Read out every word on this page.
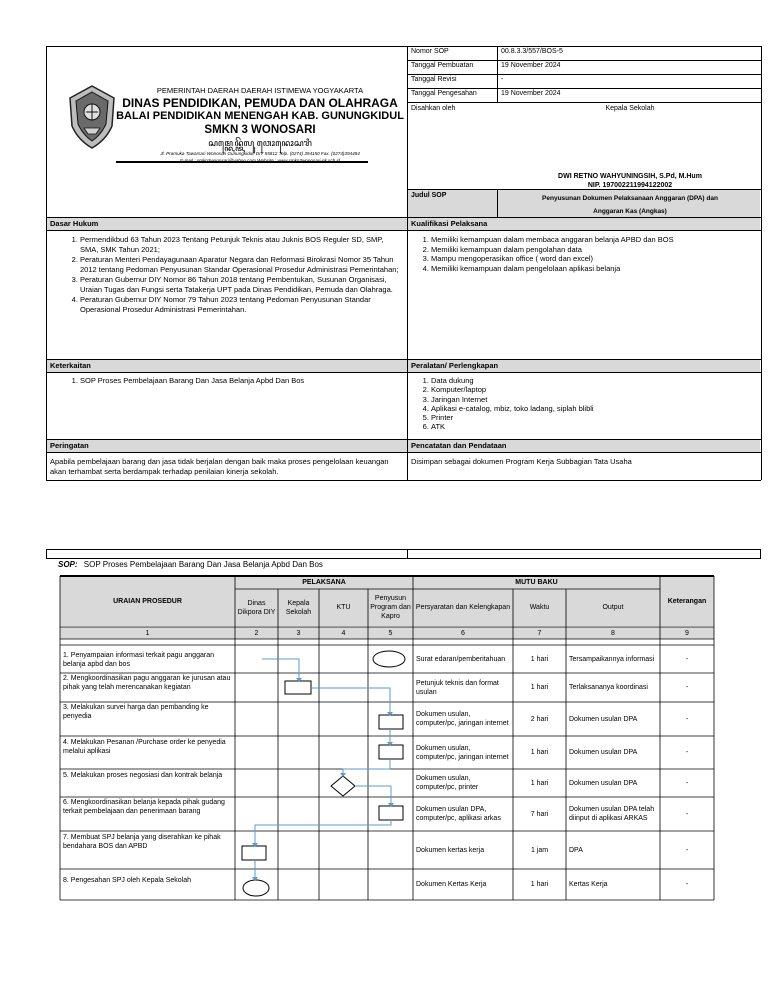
PEMERINTAH DAERAH DAERAH ISTIMEWA YOGYAKARTA
DINAS PENDIDIKAN, PEMUDA DAN OLAHRAGA
BALAI PENDIDIKAN MENENGAH KAB. GUNUNGKIDUL
SMKN 3 WONOSARI
ꦱꦩ꧀ꦏꦺꦤ꧀ꦠꦼꦭꦸ ꦮꦺꦴꦤꦺꦴꦱꦫꦶ
Jl. Pramuka Tawarsari Wonosari Gunungkidul, DIY 55812 Telp. (0274) 394150 Fax. (0274)394484
E-mail : smkn3wonosari@yahoo.com Website : www.smkn3wonosari-gk.sch.id
Nomor SOP	00.8.3.3/557/BOS-5
Tanggal Pembuatan	19 November 2024
Tanggal Revisi	-
Tanggal Pengesahan	19 November 2024
Disahkan oleh	Kepala Sekolah
DWI RETNO WAHYUNINGSIH, S.Pd, M.Hum
NIP. 197002211994122002
Judul SOP	Penyusunan Dokumen Pelaksanaan Anggaran (DPA) dan
Anggaran Kas (Angkas)
Dasar Hukum	Kualifikasi Pelaksana
Keterkaitan	Peralatan/ Perlengkapan
Peringatan	Pencatatan dan Pendataan
1. Permendikbud 63 Tahun 2023 Tentang Petunjuk Teknis atau Juknis BOS Reguler SD, SMP, SMA, SMK Tahun 2021;
2. Peraturan Menteri Pendayagunaan Aparatur Negara dan Reformasi Birokrasi Nomor 35 Tahun 2012 tentang Pedoman Penyusunan Standar Operasional Prosedur Administrasi Pemerintahan;
3. Peraturan Gubernur DIY Nomor 86 Tahun 2018 tentang Pembentukan, Susunan Organisasi, Uraian Tugas dan Fungsi serta Tatakerja UPT pada Dinas Pendidikan, Pemuda dan Olahraga.
4. Peraturan Gubernur DIY Nomor 79 Tahun 2023 tentang Pedoman Penyusunan Standar Operasional Prosedur Administrasi Pemerintahan.
1. Memiliki kemampuan dalam membaca anggaran belanja APBD dan BOS
2. Memiliki kemampuan dalam pengolahan data
3. Mampu mengoperasikan office ( word dan excel)
4. Memiliki kemampuan dalam pengelolaan aplikasi belanja
1. SOP Proses Pembelajaan Barang Dan Jasa Belanja Apbd Dan Bos
1.	Data dukung
2. Komputer/laptop
3. Jaringan Internet
4. Aplikasi e-catalog, mbiz, toko ladang, siplah blibli
5. Printer
6. ATK
Apabila pembelajaan barang dan jasa tidak berjalan dengan baik maka proses pengelolaan keuangan akan terhambat serta berdampak terhadap penilaian kinerja sekolah.
Disimpan sebagai dokumen Program Kerja Subbagian Tata Usaha
SOP: SOP Proses Pembelajaan Barang Dan Jasa Belanja Apbd Dan Bos
PELAKSANA	MUTU BAKU
URAIAN PROSEDUR	Dinas Dikpora DIY
Kepala Sekolah
KTU
Penyusun Program dan Kapro
Persyaratan dan Kelengkapan	Waktu	Output
Keterangan
1	2	3	4	5	6	7	8	9
1. Penyampaian informasi terkait pagu anggaran belanja apbd dan bos
Surat edaran/pemberitahuan	1 hari	Tersampaikannya informasi	-
2. Mengkoordinasikan pagu anggaran ke jurusan atau pihak yang telah merencanakan kegiatan
Petunjuk teknis dan format usulan
1 hari	Terlaksananya koordinasi	-
3. Melakukan survei harga dan pembanding ke penyedia	Dokumen usulan, computer/pc, jaringan internet
2 hari	Dokumen usulan DPA	-
4. Melakukan Pesanan /Purchase order ke penyedia melalui aplikasi	Dokumen usulan, computer/pc, jaringan internet
1 hari	Dokumen usulan DPA	-
5. Melakukan proses negosiasi dan kontrak belanja	Dokumen usulan, computer/pc, printer
1 hari	Dokumen usulan DPA	-
6. Mengkoordinasikan belanja kepada pihak gudang terkait pembelajaan dan penerimaan barang	Dokumen usulan DPA, computer/pc, aplikasi arkas
7 hari
Dokumen usulan DPA telah diinput di aplikasi ARKAS
-
7. Membuat SPJ belanja yang diserahkan ke pihak bendahara BOS dan APBD	Dokumen kertas kerja	1 jam	DPA	-
8. Pengesahan SPJ oleh Kepala Sekolah
Dokumen Kertas Kerja	1 hari	Kertas Kerja	-
